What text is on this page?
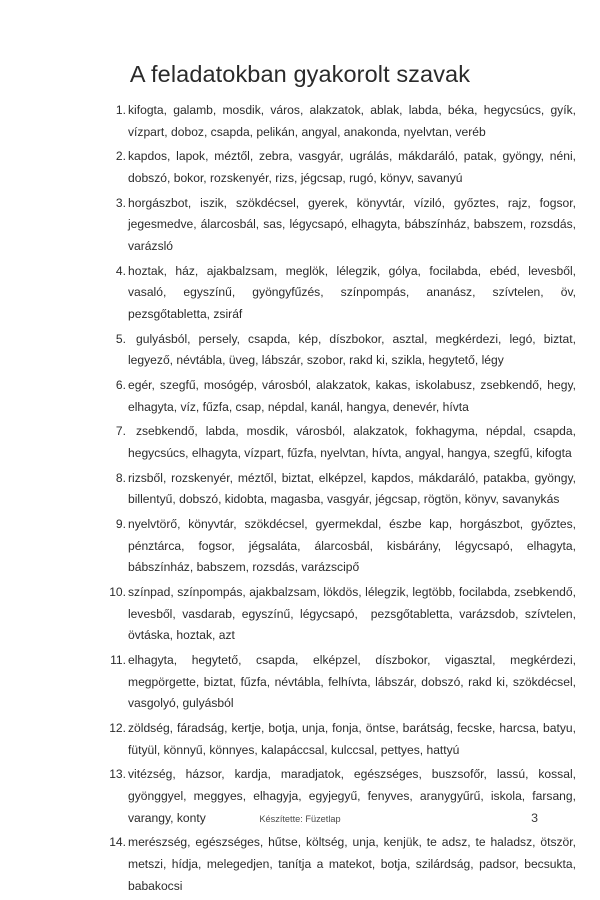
A feladatokban gyakorolt szavak
1. kifogta, galamb, mosdik, város, alakzatok, ablak, labda, béka, hegycsúcs, gyík, vízpart, doboz, csapda, pelikán, angyal, anakonda, nyelvtan, veréb
2. kapdos, lapok, méztől, zebra, vasgyár, ugrálás, mákdaráló, patak, gyöngy, néni, dobszó, bokor, rozskenyér, rizs, jégcsap, rugó, könyv, savanyú
3. horgászbot, iszik, szökdécsel, gyerek, könyvtár, víziló, győztes, rajz, fogsor, jegesmedve, álarcosbál, sas, légycsapó, elhagyta, bábszínház, babszem, rozsdás, varázsló
4. hoztak, ház, ajakbalzsam, meglök, lélegzik, gólya, focilabda, ebéd, levesből, vasaló, egyszínű, gyöngyfűzés, színpompás, ananász, szívtelen, öv, pezsgőtabletta, zsiráf
5. gulyásból, persely, csapda, kép, díszbokor, asztal, megkérdezi, legó, biztat, legyező, névtábla, üveg, lábszár, szobor, rakd ki, szikla, hegytető, légy
6. egér, szegfű, mosógép, városból, alakzatok, kakas, iskolabusz, zsebkendő, hegy, elhagyta, víz, fűzfa, csap, népdal, kanál, hangya, denevér, hívta
7. zsebkendő, labda, mosdik, városból, alakzatok, fokhagyma, népdal, csapda, hegycsúcs, elhagyta, vízpart, fűzfa, nyelvtan, hívta, angyal, hangya, szegfű, kifogta
8. rizsből, rozskenyér, méztől, biztat, elképzel, kapdos, mákdaráló, patakba, gyöngy, billentyű, dobszó, kidobta, magasba, vasgyár, jégcsap, rögtön, könyv, savanykás
9. nyelvtörő, könyvtár, szökdécsel, gyermekdal, észbe kap, horgászbot, győztes, pénztárca, fogsor, jégsaláta, álarcosbál, kisbárány, légycsapó, elhagyta, bábszínház, babszem, rozsdás, varázscipő
10. színpad, színpompás, ajakbalzsam, lökdös, lélegzik, legtöbb, focilabda, zsebkendő, levesből, vasdarab, egyszínű, légycsapó,  pezsgőtabletta, varázsdob, szívtelen, övtáska, hoztak, azt
11. elhagyta, hegytető, csapda, elképzel, díszbokor, vigasztal, megkérdezi, megpörgette, biztat, fűzfa, névtábla, felhívta, lábszár, dobszó, rakd ki, szökdécsel, vasgolyó, gulyásból
12. zöldség, fáradság, kertje, botja, unja, fonja, öntse, barátság, fecske, harcsa, batyu, fütyül, könnyű, könnyes, kalapáccsal, kulccsal, pettyes, hattyú
13. vitézség, házsor, kardja, maradjatok, egészséges, buszsofőr, lassú, kossal, gyönggyel, meggyes, elhagyja, egyjegyű, fenyves, aranygyűrű, iskola, farsang, varangy, konty
14. merészség, egészséges, hűtse, költség, unja, kenjük, te adsz, te haladsz, ötször, metszi, hídja, melegedjen, tanítja a matekot, botja, szilárdság, padsor, becsukta, babakocsi
Készítette: Füzetlap	3
